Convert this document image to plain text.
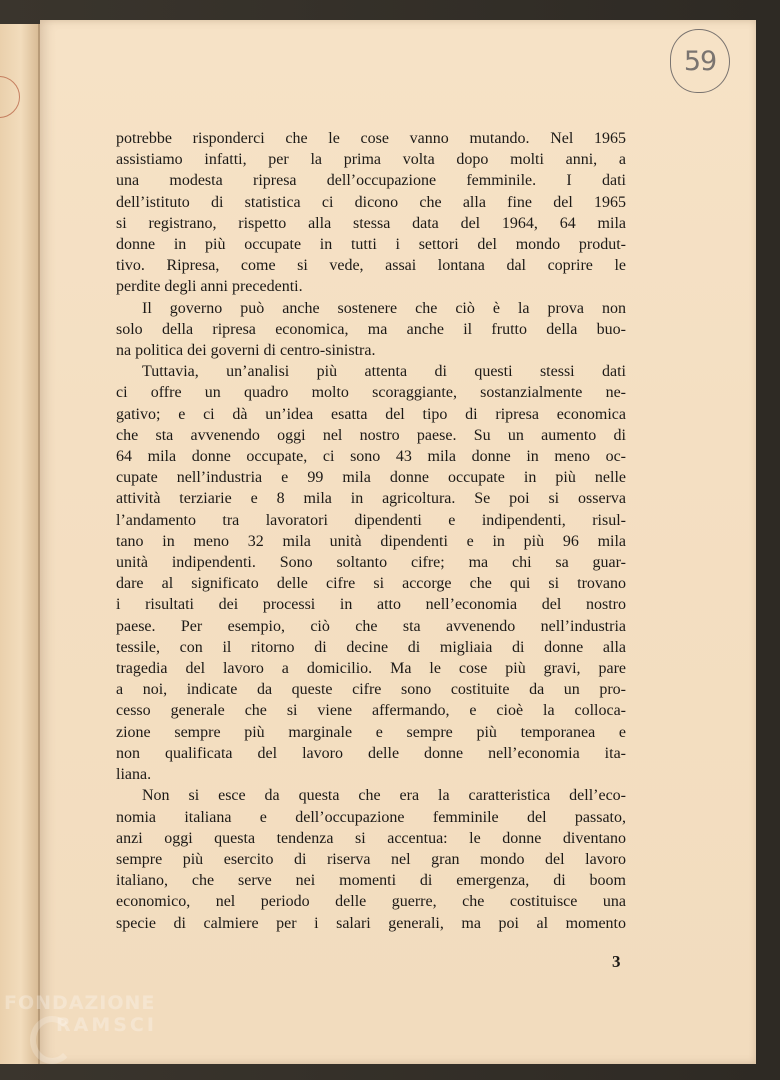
59

potrebbe risponderci che le cose vanno mutando. Nel 1965
assistiamo infatti, per la prima volta dopo molti anni, a
una modesta ripresa dell’occupazione femminile. I dati
dell’istituto di statistica ci dicono che alla fine del 1965
si registrano, rispetto alla stessa data del 1964, 64 mila
donne in più occupate in tutti i settori del mondo produt-
tivo. Ripresa, come si vede, assai lontana dal coprire le
perdite degli anni precedenti.

Il governo può anche sostenere che ciò è la prova non
solo della ripresa economica, ma anche il frutto della buo-
na politica dei governi di centro-sinistra.

Tuttavia, un’analisi più attenta di questi stessi dati
ci offre un quadro molto scoraggiante, sostanzialmente ne-
gativo; e ci dà un’idea esatta del tipo di ripresa economica
che sta avvenendo oggi nel nostro paese. Su un aumento di
64 mila donne occupate, ci sono 43 mila donne in meno oc-
cupate nell’industria e 99 mila donne occupate in più nelle
attività terziarie e 8 mila in agricoltura. Se poi si osserva
l’andamento tra lavoratori dipendenti e indipendenti, risul-
tano in meno 32 mila unità dipendenti e in più 96 mila
unità indipendenti. Sono soltanto cifre; ma chi sa guar-
dare al significato delle cifre si accorge che qui si trovano
i risultati dei processi in atto nell’economia del nostro
paese. Per esempio, ciò che sta avvenendo nell’industria
tessile, con il ritorno di decine di migliaia di donne alla
tragedia del lavoro a domicilio. Ma le cose più gravi, pare
a noi, indicate da queste cifre sono costituite da un pro-
cesso generale che si viene affermando, e cioè la colloca-
zione sempre più marginale e sempre più temporanea e
non qualificata del lavoro delle donne nell’economia ita-
liana.

Non si esce da questa che era la caratteristica dell’eco-
nomia italiana e dell’occupazione femminile del passato,
anzi oggi questa tendenza si accentua: le donne diventano
sempre più esercito di riserva nel gran mondo del lavoro
italiano, che serve nei momenti di emergenza, di boom
economico, nel periodo delle guerre, che costituisce una
specie di calmiere per i salari generali, ma poi al momento

3
FONDAZIONE
RAMSCI
